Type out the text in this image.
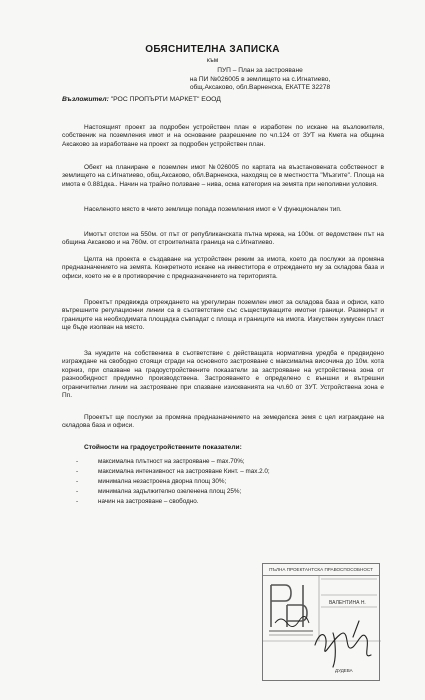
ОБЯСНИТЕЛНА ЗАПИСКА
към
ПУП – План за застрояване
на ПИ №026005 в землището на с.Игнатиево,
общ.Аксаково, обл.Варненска, ЕКАТТЕ 32278
Възложител: "РОС ПРОПЪРТИ МАРКЕТ" ЕООД

Настоящият проект за подробен устройствен план е изработен по искане на възложителя, собственик на поземления имот и на основание разрешение по чл.124 от ЗУТ на Кмета на община Аксаково за изработване на проект за подробен устройствен план.

Обект на планиране е поземлен имот №026005 по картата на възстановената собственост в землището на с.Игнатиево, общ.Аксаково, обл.Варненска, находящ се в местността "Мъзгите". Площа на имота е 0.881дка.. Начин на трайно ползване – нива, осма категория на земята при неполивни условия.

Населеното място в чието землище попада поземления имот е V функционален тип.

Имотът отстои на 550м. от път от републиканската пътна мрежа, на 100м. от ведомствен път на община Аксаково и на 760м. от строителната граница на с.Игнатиево.

Целта на проекта е създаване на устройствен режим за имота, което да послужи за промяна предназначението на земята. Конкретното искане на инвеститора е отреждането му за складова база и офиси, което не е в противоречие с предназначението на територията.

Проектът предвижда отреждането на урегулиран поземлен имот за складова база и офиси, като вътрешните регулационни линии са в съответствие със съществуващите имотни граници. Размерът и границите на необходимата площадка съвпадат с площа и границите на имота. Изкуствен хумусен пласт ще бъде изолван на място.

За нуждите на собственика в съответствие с действащата нормативна уредба е предвидено изграждане на свободно стоящи сгради на основното застрояване с максимална височина до 10м. кота корниз, при спазване на градоустройствените показатели за застрояване на устройствена зона от разнообидност предимно производствена. Застрояването е определено с външни и вътрешни ограничителни линии на застрояване при спазване изискванията на чл.60 от ЗУТ. Устройствена зона е Пп.

Проектът ще послужи за промяна предназначението на земеделска земя с цел изграждане на складова база и офиси.

Стойности на градоустройствените показатели:
-	максимална плътност на застрояване – max.70%;
-	максимална интензивност на застрояване Кинт. – max.2.0;
-	минимална незастроена дворна площ 30%;
-	минимална задължително озеленена площ 25%;
-	начин на застрояване – свободно.
ПЪЛНА ПРОЕКТАНТСКА ПРАВОСПОСОБНОСТ
ВАЛЕНТИНА Н.
ДУДЕВА
